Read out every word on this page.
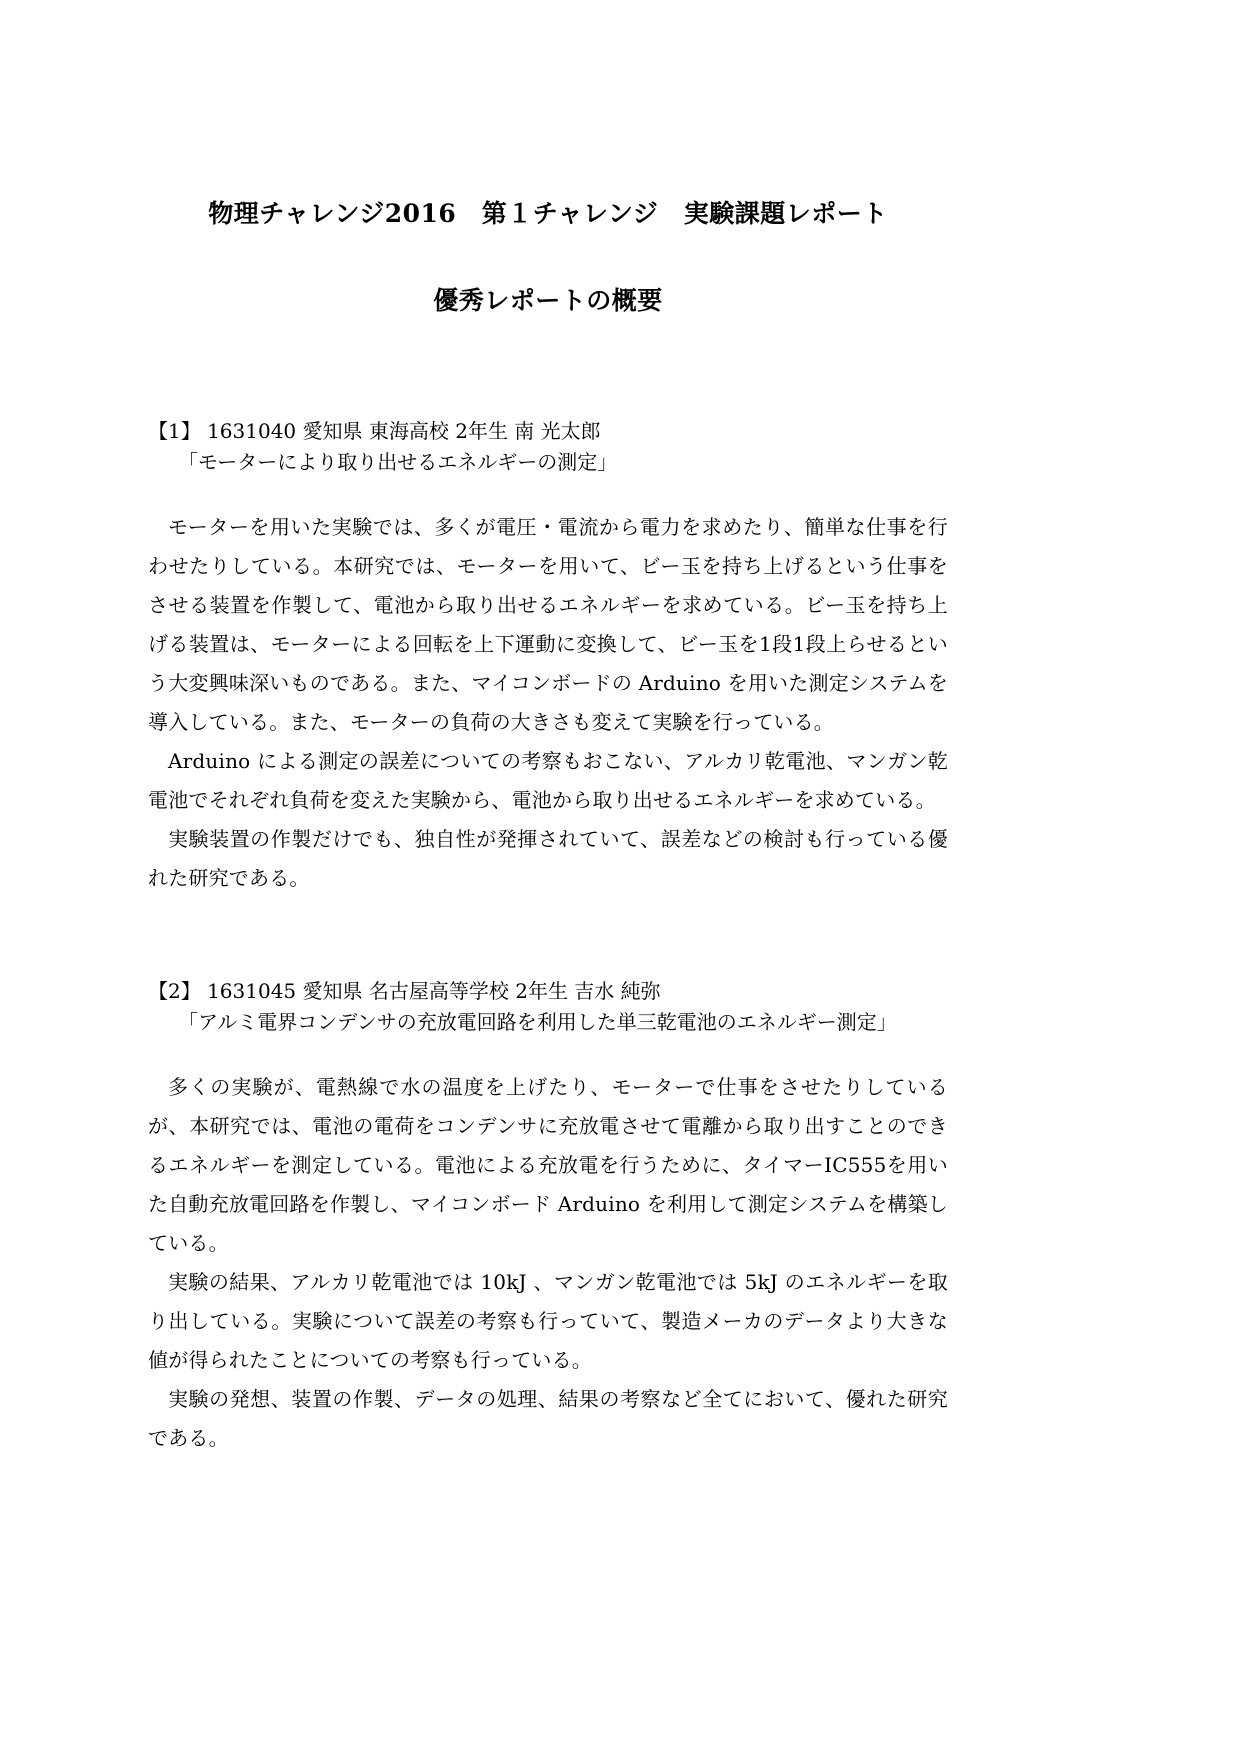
物理チャレンジ2016　第１チャレンジ　実験課題レポート
優秀レポートの概要
【1】 1631040 愛知県 東海高校 2年生 南 光太郎
「モーターにより取り出せるエネルギーの測定」

モーターを用いた実験では、多くが電圧・電流から電力を求めたり、簡単な仕事を行わせたりしている。本研究では、モーターを用いて、ビー玉を持ち上げるという仕事をさせる装置を作製して、電池から取り出せるエネルギーを求めている。ビー玉を持ち上げる装置は、モーターによる回転を上下運動に変換して、ビー玉を1段1段上らせるという大変興味深いものである。また、マイコンボードの Arduino を用いた測定システムを導入している。また、モーターの負荷の大きさも変えて実験を行っている。

Arduino による測定の誤差についての考察もおこない、アルカリ乾電池、マンガン乾電池でそれぞれ負荷を変えた実験から、電池から取り出せるエネルギーを求めている。

実験装置の作製だけでも、独自性が発揮されていて、誤差などの検討も行っている優れた研究である。

【2】 1631045 愛知県 名古屋高等学校 2年生 吉水 純弥
「アルミ電界コンデンサの充放電回路を利用した単三乾電池のエネルギー測定」

多くの実験が、電熱線で水の温度を上げたり、モーターで仕事をさせたりしているが、本研究では、電池の電荷をコンデンサに充放電させて電離から取り出すことのできるエネルギーを測定している。電池による充放電を行うために、タイマーIC555を用いた自動充放電回路を作製し、マイコンボード Arduino を利用して測定システムを構築している。

実験の結果、アルカリ乾電池では 10kJ 、マンガン乾電池では 5kJ のエネルギーを取り出している。実験について誤差の考察も行っていて、製造メーカのデータより大きな値が得られたことについての考察も行っている。

実験の発想、装置の作製、データの処理、結果の考察など全てにおいて、優れた研究である。
